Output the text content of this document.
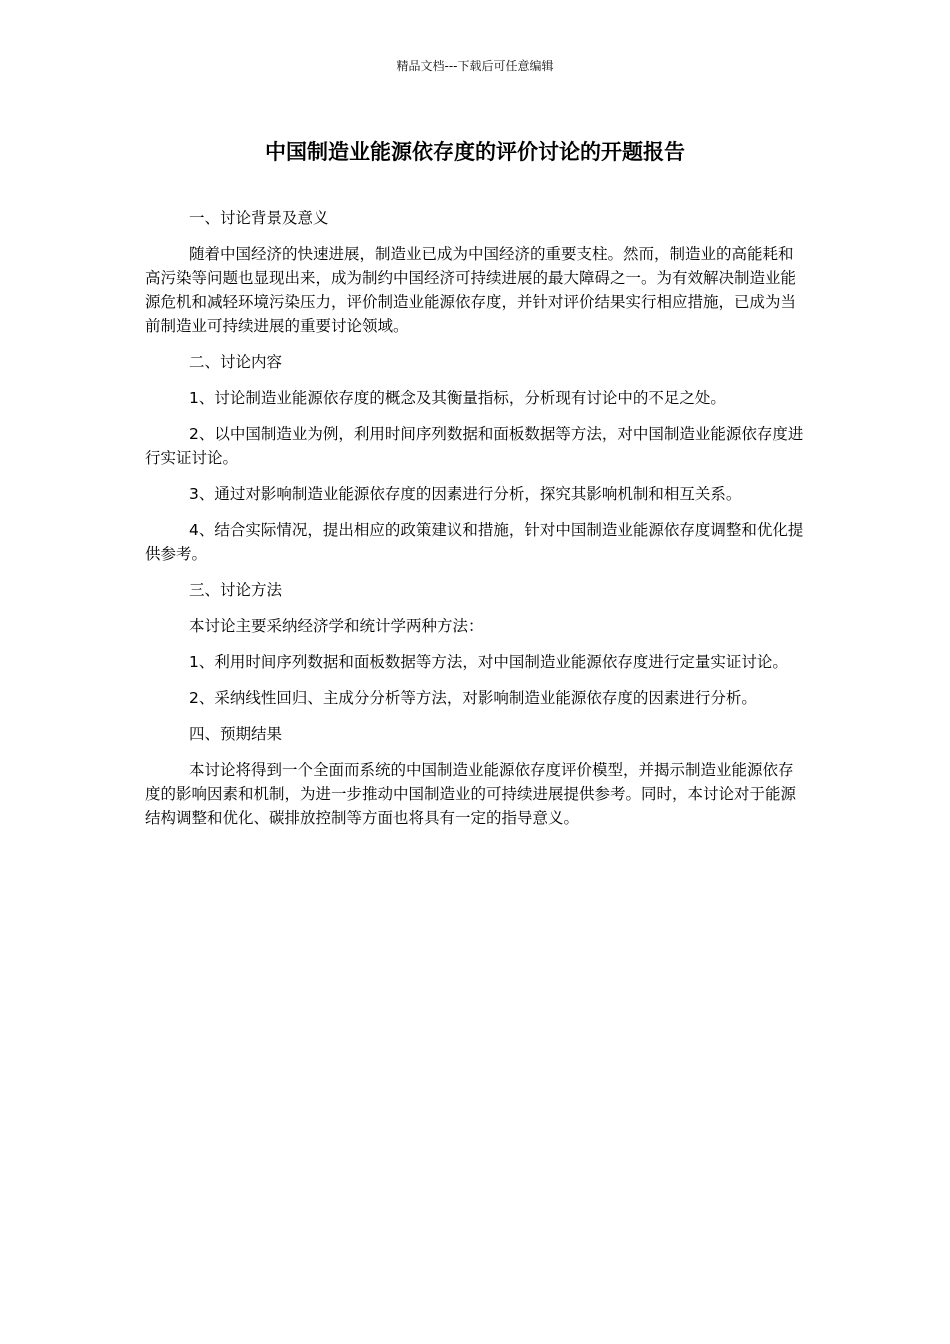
精品文档---下载后可任意编辑
中国制造业能源依存度的评价讨论的开题报告

一、讨论背景及意义

随着中国经济的快速进展，制造业已成为中国经济的重要支柱。然而，制造业的高能耗和高污染等问题也显现出来，成为制约中国经济可持续进展的最大障碍之一。为有效解决制造业能源危机和减轻环境污染压力，评价制造业能源依存度，并针对评价结果实行相应措施，已成为当前制造业可持续进展的重要讨论领域。

二、讨论内容

1、讨论制造业能源依存度的概念及其衡量指标，分析现有讨论中的不足之处。

2、以中国制造业为例，利用时间序列数据和面板数据等方法，对中国制造业能源依存度进行实证讨论。

3、通过对影响制造业能源依存度的因素进行分析，探究其影响机制和相互关系。

4、结合实际情况，提出相应的政策建议和措施，针对中国制造业能源依存度调整和优化提供参考。

三、讨论方法

本讨论主要采纳经济学和统计学两种方法：

1、利用时间序列数据和面板数据等方法，对中国制造业能源依存度进行定量实证讨论。

2、采纳线性回归、主成分分析等方法，对影响制造业能源依存度的因素进行分析。

四、预期结果

本讨论将得到一个全面而系统的中国制造业能源依存度评价模型，并揭示制造业能源依存度的影响因素和机制，为进一步推动中国制造业的可持续进展提供参考。同时，本讨论对于能源结构调整和优化、碳排放控制等方面也将具有一定的指导意义。
